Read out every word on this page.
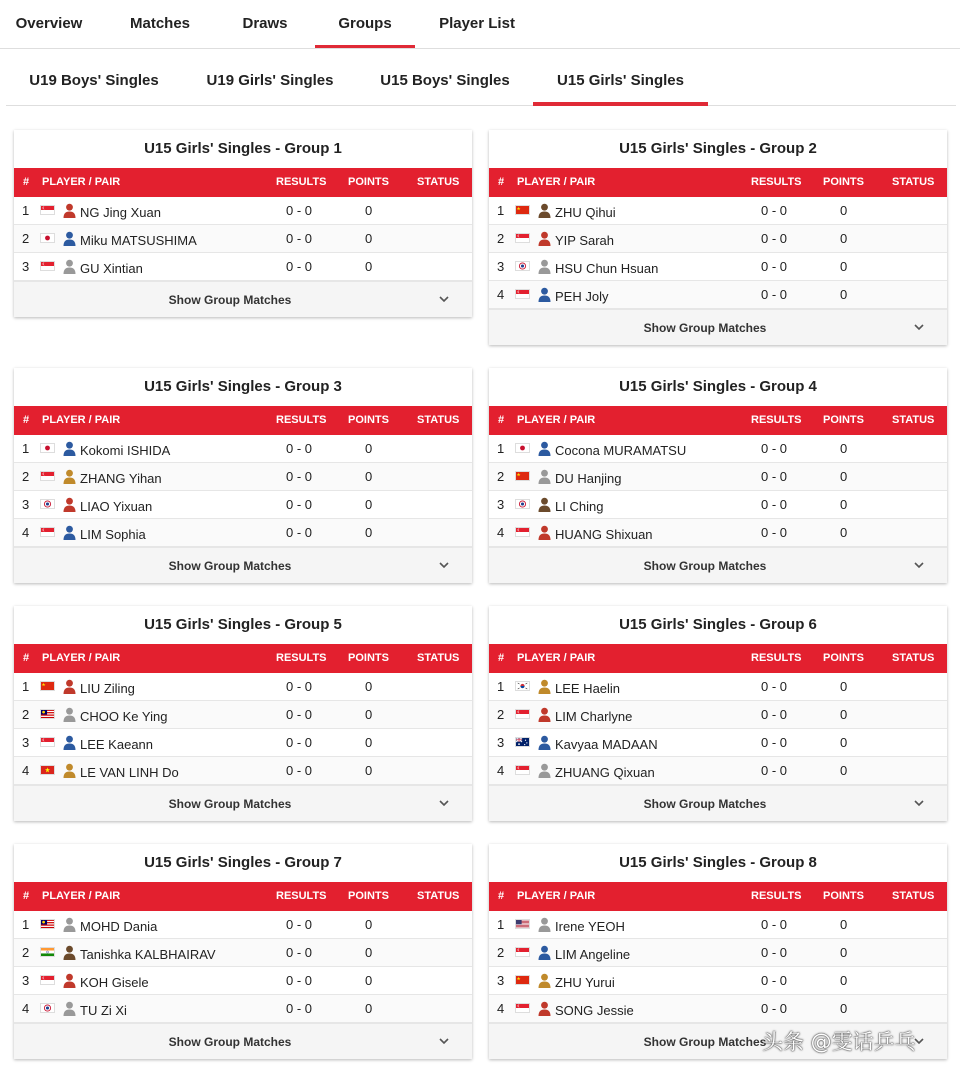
Overview	Matches	Draws	Groups	Player List
U19 Boys' Singles	U19 Girls' Singles	U15 Boys' Singles	U15 Girls' Singles
U15 Girls' Singles - Group 1
# PLAYER / PAIR	RESULTS POINTS	STATUS
1	NG Jing Xuan	0 - 0	0
2	Miku MATSUSHIMA	0 - 0	0
3	GU Xintian	0 - 0	0
Show Group Matches
U15 Girls' Singles - Group 2
# PLAYER / PAIR	RESULTS POINTS	STATUS
1	ZHU Qihui	0 - 0	0
2	YIP Sarah	0 - 0	0
3	HSU Chun Hsuan	0 - 0	0
4	PEH Joly	0 - 0	0
Show Group Matches
U15 Girls' Singles - Group 3
# PLAYER / PAIR	RESULTS POINTS	STATUS
1	Kokomi ISHIDA	0 - 0	0
2	ZHANG Yihan	0 - 0	0
3	LIAO Yixuan	0 - 0	0
4	LIM Sophia	0 - 0	0
Show Group Matches
U15 Girls' Singles - Group 4
# PLAYER / PAIR	RESULTS POINTS	STATUS
1	Cocona MURAMATSU	0 - 0	0
2	DU Hanjing	0 - 0	0
3	LI Ching	0 - 0	0
4	HUANG Shixuan	0 - 0	0
Show Group Matches
U15 Girls' Singles - Group 5
# PLAYER / PAIR	RESULTS POINTS	STATUS
1	LIU Ziling	0 - 0	0
2	CHOO Ke Ying	0 - 0	0
3	LEE Kaeann	0 - 0	0
4	LE VAN LINH Do	0 - 0	0
Show Group Matches
U15 Girls' Singles - Group 6
# PLAYER / PAIR	RESULTS POINTS	STATUS
1	LEE Haelin	0 - 0	0
2	LIM Charlyne	0 - 0	0
3	Kavyaa MADAAN	0 - 0	0
4	ZHUANG Qixuan	0 - 0	0
Show Group Matches
U15 Girls' Singles - Group 7
# PLAYER / PAIR	RESULTS POINTS	STATUS
1	MOHD Dania	0 - 0	0
2	Tanishka KALBHAIRAV	0 - 0	0
3	KOH Gisele	0 - 0	0
4	TU Zi Xi	0 - 0	0
Show Group Matches
U15 Girls' Singles - Group 8
# PLAYER / PAIR	RESULTS POINTS	STATUS
1	Irene YEOH	0 - 0	0
2	LIM Angeline	0 - 0	0
3	ZHU Yurui	0 - 0	0
4	SONG Jessie	0 - 0	0
Show Group Matches
头条 @雯话乒乓
